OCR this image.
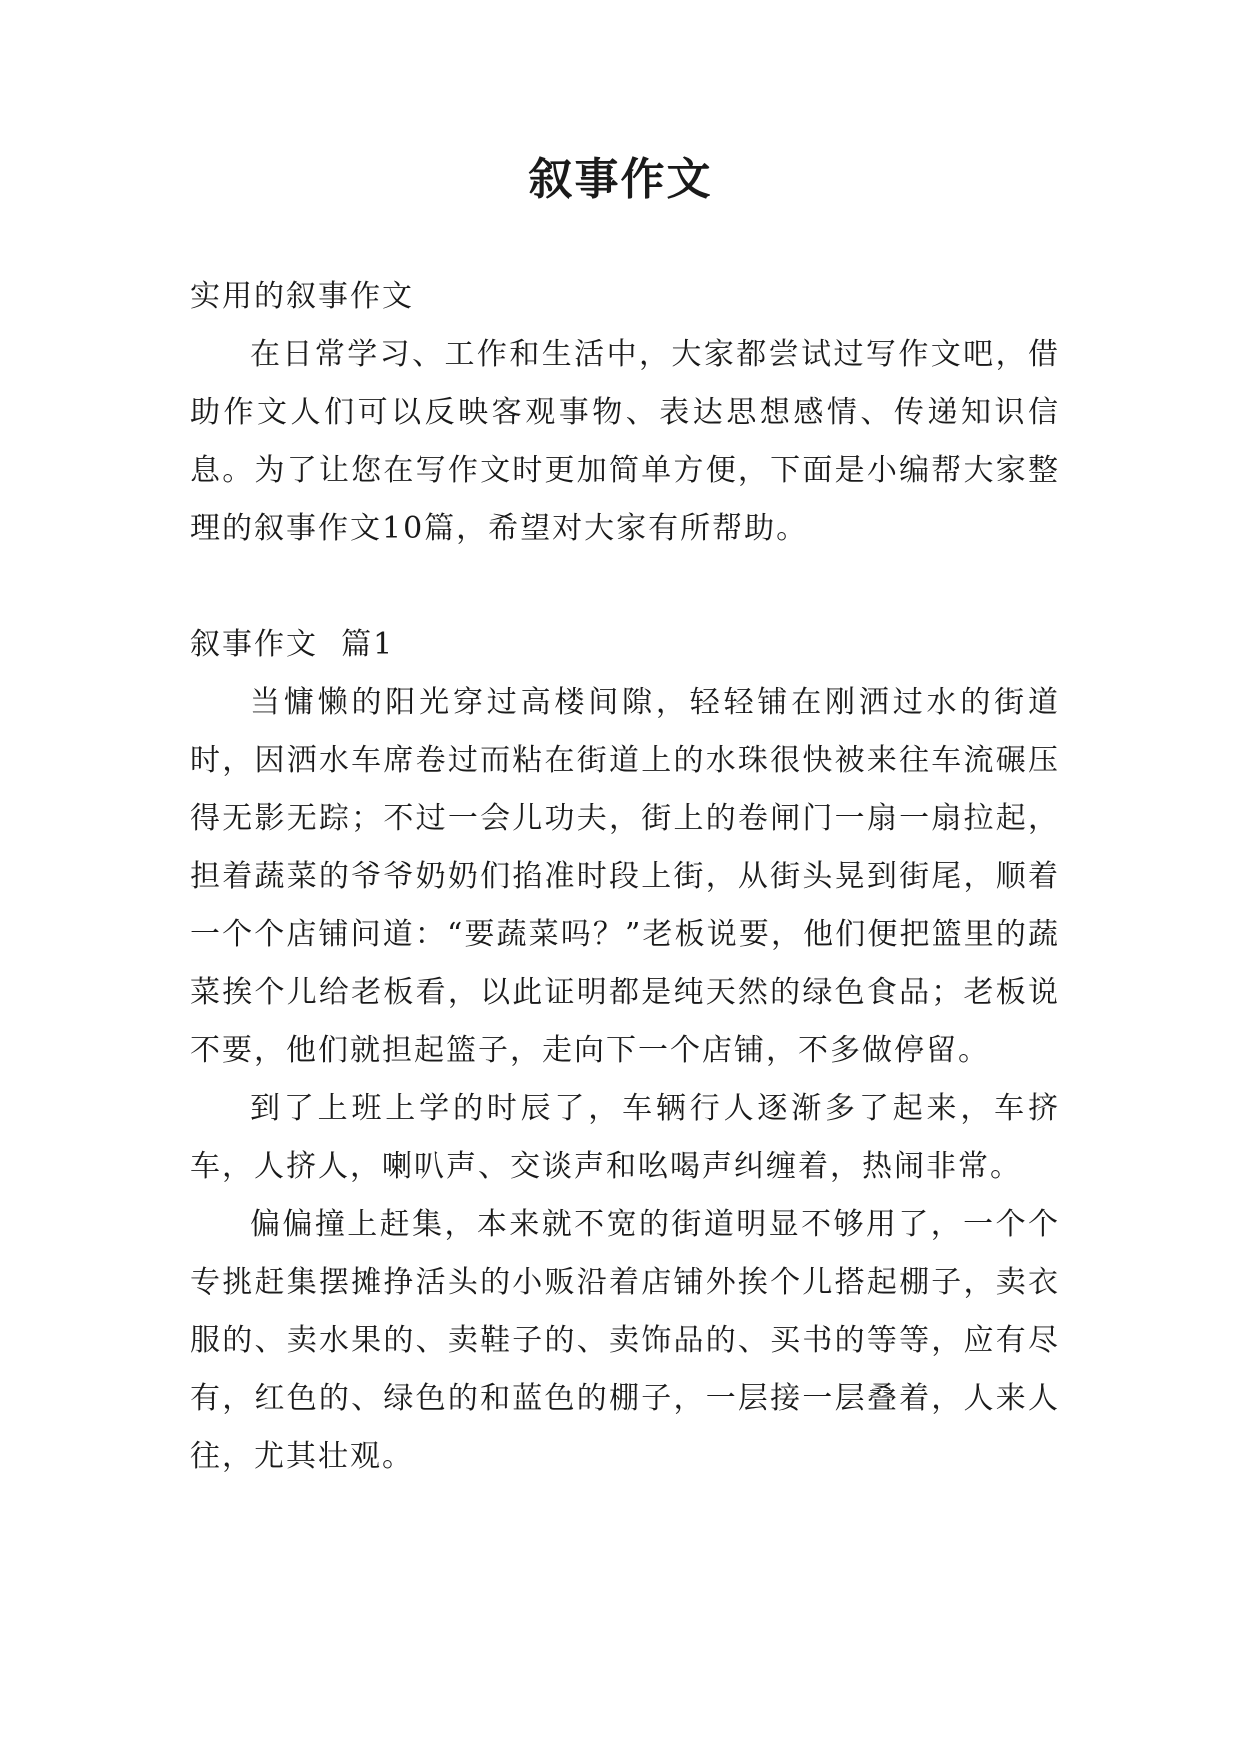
叙事作文

实用的叙事作文

在日常学习、工作和生活中，大家都尝试过写作文吧，借助作文人们可以反映客观事物、表达思想感情、传递知识信息。为了让您在写作文时更加简单方便，下面是小编帮大家整理的叙事作文10篇，希望对大家有所帮助。

叙事作文  篇1

当慵懒的阳光穿过高楼间隙，轻轻铺在刚洒过水的街道时，因洒水车席卷过而粘在街道上的水珠很快被来往车流碾压得无影无踪；不过一会儿功夫，街上的卷闸门一扇一扇拉起，担着蔬菜的爷爷奶奶们掐准时段上街，从街头晃到街尾，顺着一个个店铺问道：“要蔬菜吗？”老板说要，他们便把篮里的蔬菜挨个儿给老板看，以此证明都是纯天然的绿色食品；老板说不要，他们就担起篮子，走向下一个店铺，不多做停留。

到了上班上学的时辰了，车辆行人逐渐多了起来，车挤车，人挤人，喇叭声、交谈声和吆喝声纠缠着，热闹非常。

偏偏撞上赶集，本来就不宽的街道明显不够用了，一个个专挑赶集摆摊挣活头的小贩沿着店铺外挨个儿搭起棚子，卖衣服的、卖水果的、卖鞋子的、卖饰品的、买书的等等，应有尽有，红色的、绿色的和蓝色的棚子，一层接一层叠着，人来人往，尤其壮观。
